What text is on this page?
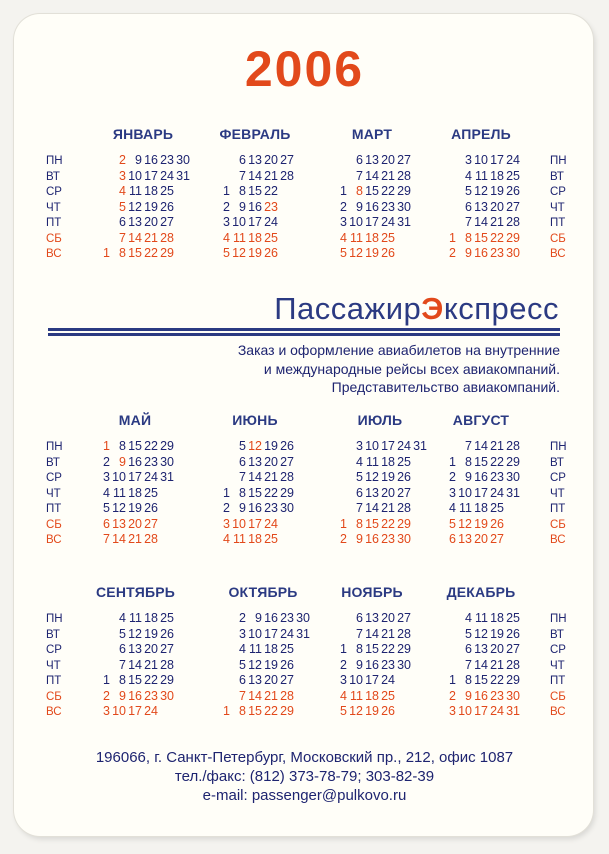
2006
ПН
ВТ
СР
ЧТ
ПТ
СБ
ВС
ПН
ВТ
СР
ЧТ
ПТ
СБ
ВС
ЯНВАРЬ
2 9 16 23 30
3 10 17 24 31
4 11 18 25
5 12 19 26
6 13 20 27
7 14 21 28
1 8 15 22 29
ФЕВРАЛЬ
6 13 20 27
7 14 21 28
1 8 15 22
2 9 16 23
3 10 17 24
4 11 18 25
5 12 19 26
МАРТ
6 13 20 27
7 14 21 28
1 8 15 22 29
2 9 16 23 30
3 10 17 24 31
4 11 18 25
5 12 19 26
АПРЕЛЬ
3 10 17 24
4 11 18 25
5 12 19 26
6 13 20 27
7 14 21 28
1 8 15 22 29
2 9 16 23 30
ПН
ВТ
СР
ЧТ
ПТ
СБ
ВС
ПН
ВТ
СР
ЧТ
ПТ
СБ
ВС
МАЙ
1 8 15 22 29
2 9 16 23 30
3 10 17 24 31
4 11 18 25
5 12 19 26
6 13 20 27
7 14 21 28
ИЮНЬ
5 12 19 26
6 13 20 27
7 14 21 28
1 8 15 22 29
2 9 16 23 30
3 10 17 24
4 11 18 25
ИЮЛЬ
3 10 17 24 31
4 11 18 25
5 12 19 26
6 13 20 27
7 14 21 28
1 8 15 22 29
2 9 16 23 30
АВГУСТ
7 14 21 28
1 8 15 22 29
2 9 16 23 30
3 10 17 24 31
4 11 18 25
5 12 19 26
6 13 20 27
ПН
ВТ
СР
ЧТ
ПТ
СБ
ВС
ПН
ВТ
СР
ЧТ
ПТ
СБ
ВС
СЕНТЯБРЬ
4 11 18 25
5 12 19 26
6 13 20 27
7 14 21 28
1 8 15 22 29
2 9 16 23 30
3 10 17 24
ОКТЯБРЬ
2 9 16 23 30
3 10 17 24 31
4 11 18 25
5 12 19 26
6 13 20 27
7 14 21 28
1 8 15 22 29
НОЯБРЬ
6 13 20 27
7 14 21 28
1 8 15 22 29
2 9 16 23 30
3 10 17 24
4 11 18 25
5 12 19 26
ДЕКАБРЬ
4 11 18 25
5 12 19 26
6 13 20 27
7 14 21 28
1 8 15 22 29
2 9 16 23 30
3 10 17 24 31
ПассажирЭкспресс
Заказ и оформление авиабилетов на внутренние
и международные рейсы всех авиакомпаний.
Представительство авиакомпаний.
196066, г. Санкт-Петербург, Московский пр., 212, офис 1087
тел./факс: (812) 373-78-79; 303-82-39
e-mail: passenger@pulkovo.ru
